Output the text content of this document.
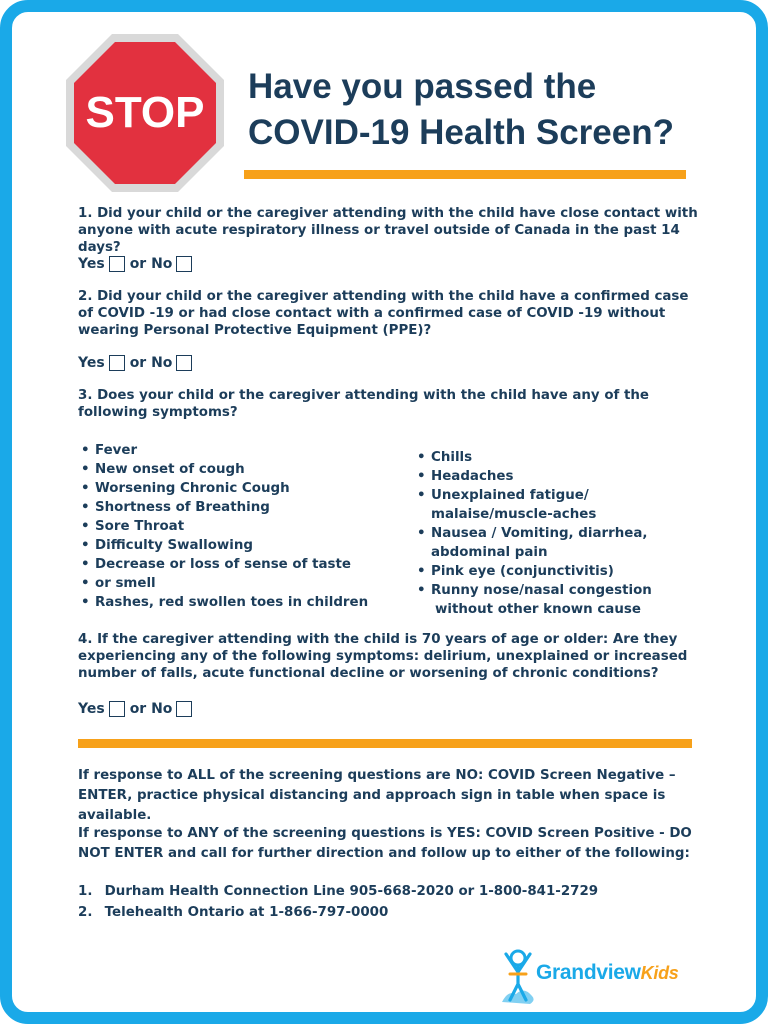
STOP
Have you passed the
COVID-19 Health Screen?

1. Did your child or the caregiver attending with the child have close contact with anyone with acute respiratory illness or travel outside of Canada in the past 14 days?

Yes or No

2. Did your child or the caregiver attending with the child have a confirmed case of COVID -19 or had close contact with a confirmed case of COVID -19 without wearing Personal Protective Equipment (PPE)?

Yes or No

3. Does your child or the caregiver attending with the child have any of the following symptoms?

• Fever
• New onset of cough
• Worsening Chronic Cough
• Shortness of Breathing
• Sore Throat
• Difficulty Swallowing
• Decrease or loss of sense of taste
• or smell
• Rashes, red swollen toes in children
• Chills
• Headaches
• Unexplained fatigue/
malaise/muscle-aches
• Nausea / Vomiting, diarrhea,
abdominal pain
• Pink eye (conjunctivitis)
• Runny nose/nasal congestion
without other known cause

4. If the caregiver attending with the child is 70 years of age or older: Are they experiencing any of the following symptoms: delirium, unexplained or increased number of falls, acute functional decline or worsening of chronic conditions?

Yes or No

If response to ALL of the screening questions are NO: COVID Screen Negative – ENTER, practice physical distancing and approach sign in table when space is available.

If response to ANY of the screening questions is YES: COVID Screen Positive - DO NOT ENTER and call for further direction and follow up to either of the following:

1. Durham Health Connection Line 905-668-2020 or 1-800-841-2729
2. Telehealth Ontario at 1-866-797-0000
GrandviewKids
